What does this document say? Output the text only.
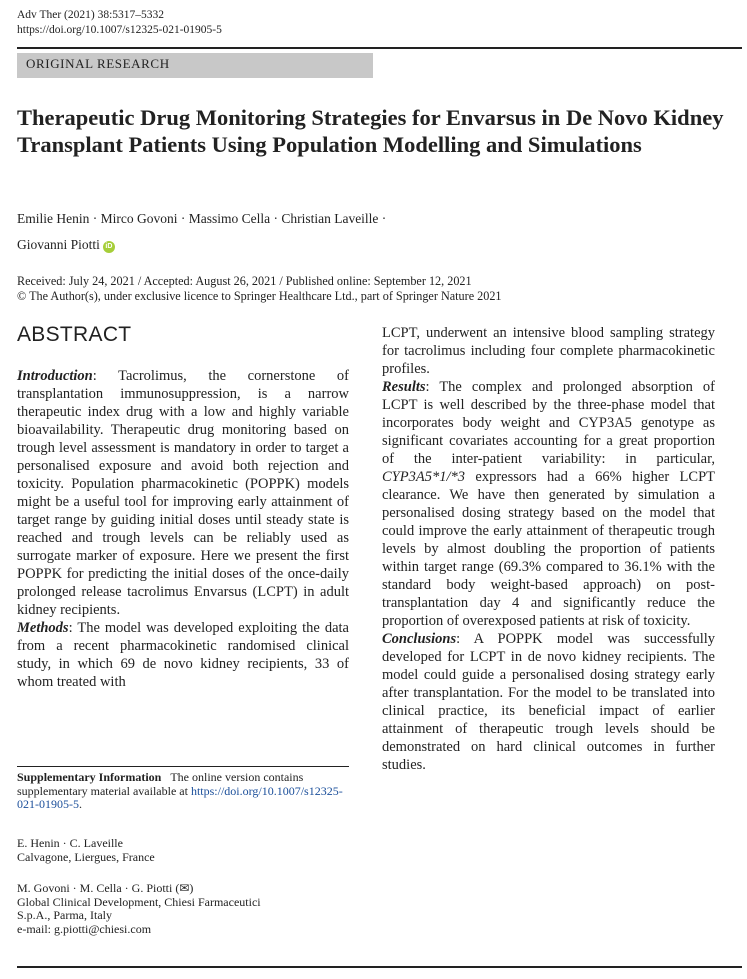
Adv Ther (2021) 38:5317–5332
https://doi.org/10.1007/s12325-021-01905-5
ORIGINAL RESEARCH
Therapeutic Drug Monitoring Strategies for Envarsus in De Novo Kidney Transplant Patients Using Population Modelling and Simulations
Emilie Henin · Mirco Govoni · Massimo Cella · Christian Laveille ·
Giovanni Piotti iD
Received: July 24, 2021 / Accepted: August 26, 2021 / Published online: September 12, 2021
© The Author(s), under exclusive licence to Springer Healthcare Ltd., part of Springer Nature 2021
ABSTRACT

Introduction: Tacrolimus, the cornerstone of transplantation immunosuppression, is a narrow therapeutic index drug with a low and highly variable bioavailability. Therapeutic drug monitoring based on trough level assessment is mandatory in order to target a personalised exposure and avoid both rejection and toxicity. Population pharmacokinetic (POPPK) models might be a useful tool for improving early attainment of target range by guiding initial doses until steady state is reached and trough levels can be reliably used as surrogate marker of exposure. Here we present the first POPPK for predicting the initial doses of the once-daily prolonged release tacrolimus Envarsus (LCPT) in adult kidney recipients.

Methods: The model was developed exploiting the data from a recent pharmacokinetic randomised clinical study, in which 69 de novo kidney recipients, 33 of whom treated with

LCPT, underwent an intensive blood sampling strategy for tacrolimus including four complete pharmacokinetic profiles.

Results: The complex and prolonged absorption of LCPT is well described by the three-phase model that incorporates body weight and CYP3A5 genotype as significant covariates accounting for a great proportion of the inter-patient variability: in particular, CYP3A5*1/*3 expressors had a 66% higher LCPT clearance. We have then generated by simulation a personalised dosing strategy based on the model that could improve the early attainment of therapeutic trough levels by almost doubling the proportion of patients within target range (69.3% compared to 36.1% with the standard body weight-based approach) on post-transplantation day 4 and significantly reduce the proportion of overexposed patients at risk of toxicity.

Conclusions: A POPPK model was successfully developed for LCPT in de novo kidney recipients. The model could guide a personalised dosing strategy early after transplantation. For the model to be translated into clinical practice, its beneficial impact of earlier attainment of therapeutic trough levels should be demonstrated on hard clinical outcomes in further studies.

Supplementary Information The online version contains supplementary material available at https://doi.org/10.1007/s12325-021-01905-5.
E. Henin · C. Laveille
Calvagone, Liergues, France
M. Govoni · M. Cella · G. Piotti (✉)
Global Clinical Development, Chiesi Farmaceutici
S.p.A., Parma, Italy
e-mail: g.piotti@chiesi.com
